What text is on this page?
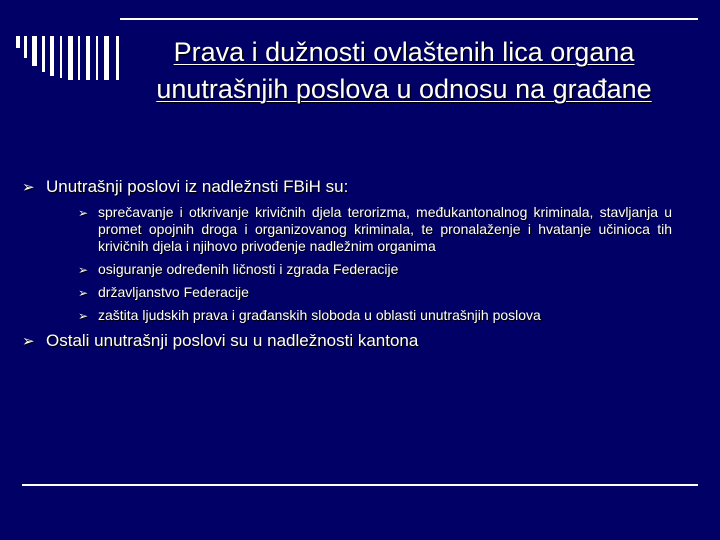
Prava i dužnosti ovlaštenih lica organa unutrašnjih poslova u odnosu na građane
➢ Unutrašnji poslovi iz nadležnsti FBiH su:
➢ sprečavanje i otkrivanje krivičnih djela terorizma, međukantonalnog kriminala, stavljanja u promet opojnih droga i organizovanog kriminala, te pronalaženje i hvatanje učinioca tih krivičnih djela i njihovo privođenje nadležnim organima
➢ osiguranje određenih ličnosti i zgrada Federacije
➢ državljanstvo Federacije
➢ zaštita ljudskih prava i građanskih sloboda u oblasti unutrašnjih poslova
➢ Ostali unutrašnji poslovi su u nadležnosti kantona
